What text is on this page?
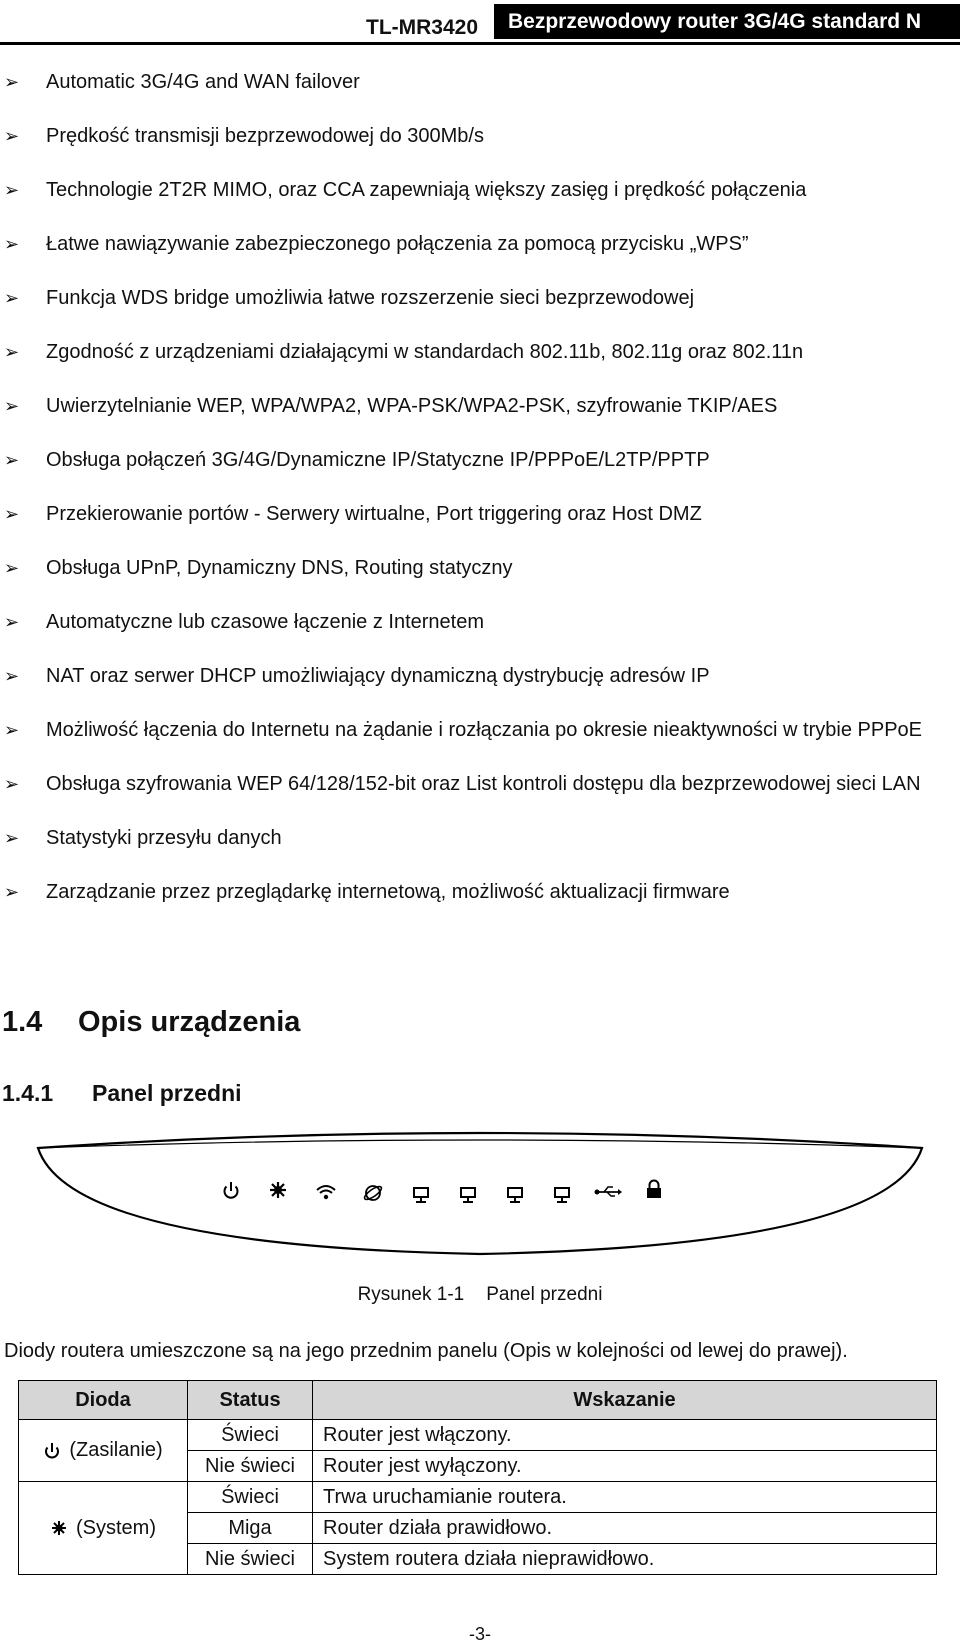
TL-MR3420	Bezprzewodowy router 3G/4G standard N
➢ Automatic 3G/4G and WAN failover
➢ Prędkość transmisji bezprzewodowej do 300Mb/s
➢ Technologie 2T2R MIMO, oraz CCA zapewniają większy zasięg i prędkość połączenia
➢ Łatwe nawiązywanie zabezpieczonego połączenia za pomocą przycisku „WPS”
➢ Funkcja WDS bridge umożliwia łatwe rozszerzenie sieci bezprzewodowej
➢ Zgodność z urządzeniami działającymi w standardach 802.11b, 802.11g oraz 802.11n
➢ Uwierzytelnianie WEP, WPA/WPA2, WPA-PSK/WPA2-PSK, szyfrowanie TKIP/AES
➢ Obsługa połączeń 3G/4G/Dynamiczne IP/Statyczne IP/PPPoE/L2TP/PPTP
➢ Przekierowanie portów - Serwery wirtualne, Port triggering oraz Host DMZ
➢ Obsługa UPnP, Dynamiczny DNS, Routing statyczny
➢ Automatyczne lub czasowe łączenie z Internetem
➢ NAT oraz serwer DHCP umożliwiający dynamiczną dystrybucję adresów IP
➢ Możliwość łączenia do Internetu na żądanie i rozłączania po okresie nieaktywności w trybie PPPoE
➢ Obsługa szyfrowania WEP 64/128/152-bit oraz List kontroli dostępu dla bezprzewodowej sieci LAN
➢ Statystyki przesyłu danych
➢ Zarządzanie przez przeglądarkę internetową, możliwość aktualizacji firmware
1.4 Opis urządzenia
1.4.1 Panel przedni
Rysunek 1-1 Panel przedni
Diody routera umieszczone są na jego przednim panelu (Opis w kolejności od lewej do prawej).
Dioda	Status	Wskazanie
(Zasilanie)	Świeci	Router jest włączony.
	Nie świeci	Router jest wyłączony.
(System)	Świeci	Trwa uruchamianie routera.
	Miga	Router działa prawidłowo.
	Nie świeci	System routera działa nieprawidłowo.
-3-
